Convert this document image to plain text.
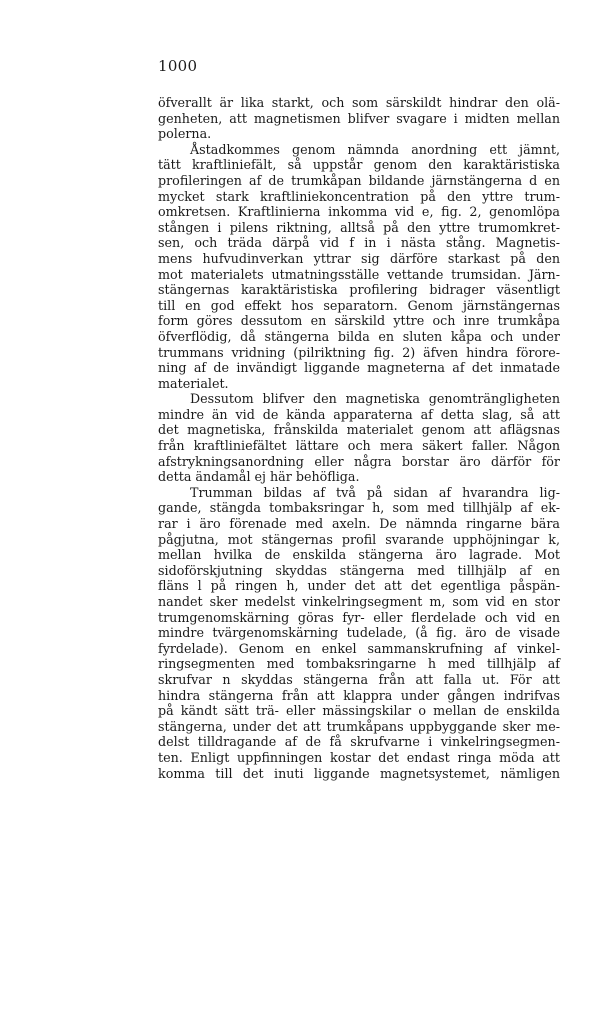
1000
öfverallt är lika starkt, och som särskildt hindrar den olä-
genheten, att magnetismen blifver svagare i midten mellan
polerna.
Åstadkommes genom nämnda anordning ett jämnt,
tätt kraftliniefält, så uppstår genom den karaktäristiska
profileringen af de trumkåpan bildande järnstängerna d en
mycket stark kraftliniekoncentration på den yttre trum-
omkretsen. Kraftlinierna inkomma vid e, fig. 2, genomlöpa
stången i pilens riktning, alltså på den yttre trumomkret-
sen, och träda därpå vid f in i nästa stång. Magnetis-
mens hufvudinverkan yttrar sig därföre starkast på den
mot materialets utmatningsställe vettande trumsidan. Järn-
stängernas karaktäristiska profilering bidrager väsentligt
till en god effekt hos separatorn. Genom järnstängernas
form göres dessutom en särskild yttre och inre trumkåpa
öfverflödig, då stängerna bilda en sluten kåpa och under
trummans vridning (pilriktning fig. 2) äfven hindra förore-
ning af de invändigt liggande magneterna af det inmatade
materialet.
Dessutom blifver den magnetiska genomträngligheten
mindre än vid de kända apparaterna af detta slag, så att
det magnetiska, frånskilda materialet genom att aflägsnas
från kraftliniefältet lättare och mera säkert faller. Någon
afstrykningsanordning eller några borstar äro därför för
detta ändamål ej här behöfliga.
Trumman bildas af två på sidan af hvarandra lig-
gande, stängda tombaksringar h, som med tillhjälp af ek-
rar i äro förenade med axeln. De nämnda ringarne bära
pågjutna, mot stängernas profil svarande upphöjningar k,
mellan hvilka de enskilda stängerna äro lagrade. Mot
sidoförskjutning skyddas stängerna med tillhjälp af en
fläns l på ringen h, under det att det egentliga påspän-
nandet sker medelst vinkelringsegment m, som vid en stor
trumgenomskärning göras fyr- eller flerdelade och vid en
mindre tvärgenomskärning tudelade, (å fig. äro de visade
fyrdelade). Genom en enkel sammanskrufning af vinkel-
ringsegmenten med tombaksringarne h med tillhjälp af
skrufvar n skyddas stängerna från att falla ut. För att
hindra stängerna från att klappra under gången indrifvas
på kändt sätt trä- eller mässingskilar o mellan de enskilda
stängerna, under det att trumkåpans uppbyggande sker me-
delst tilldragande af de få skrufvarne i vinkelringsegmen-
ten. Enligt uppfinningen kostar det endast ringa möda att
komma till det inuti liggande magnetsystemet, nämligen
